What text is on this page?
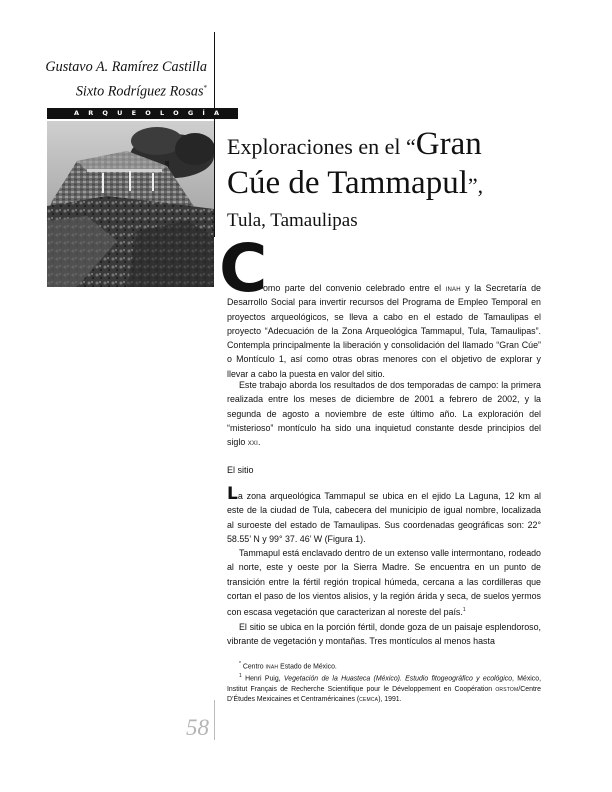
Gustavo A. Ramírez Castilla
Sixto Rodríguez Rosas*
ARQUEOLOGÍA
Exploraciones en el “Gran
Cúe de Tammapul”,
Tula, Tamaulipas
C

omo parte del convenio celebrado entre el inah y la Secretaría de Desarrollo Social para invertir recursos del Programa de Empleo Temporal en proyectos arqueológicos, se lleva a cabo en el estado de Tamaulipas el proyecto “Adecuación de la Zona Arqueológica Tammapul, Tula, Tamaulipas”. Contempla principalmente la liberación y consolidación del llamado “Gran Cúe” o Montículo 1, así como otras obras menores con el objetivo de explorar y llevar a cabo la puesta en valor del sitio.

Este trabajo aborda los resultados de dos temporadas de campo: la primera realizada entre los meses de diciembre de 2001 a febrero de 2002, y la segunda de agosto a noviembre de este último año. La exploración del “misterioso” montículo ha sido una inquietud constante desde principios del siglo xxi.

El sitio

La zona arqueológica Tammapul se ubica en el ejido La Laguna, 12 km al este de la ciudad de Tula, cabecera del municipio de igual nombre, localizada al suroeste del estado de Tamaulipas. Sus coordenadas geográficas son: 22° 58.55’ N y 99° 37. 46’ W (Figura 1).

Tammapul está enclavado dentro de un extenso valle intermontano, rodeado al norte, este y oeste por la Sierra Madre. Se encuentra en un punto de transición entre la fértil región tropical húmeda, cercana a las cordilleras que cortan el paso de los vientos alisios, y la región árida y seca, de suelos yermos con escasa vegetación que caracterizan al noreste del país.$^1$

El sitio se ubica en la porción fértil, donde goza de un paisaje esplendoroso, vibrante de vegetación y montañas. Tres montículos al menos hasta

* Centro inah Estado de México.

$^1$ Henri Puig, Vegetación de la Huasteca (México). Estudio fitogeográfico y ecológico, México, Institut Français de Recherche Scientifique pour le Développement en Coopération orstom/Centre D’Études Mexicaines et Centraméricaines (cemca), 1991.

58
